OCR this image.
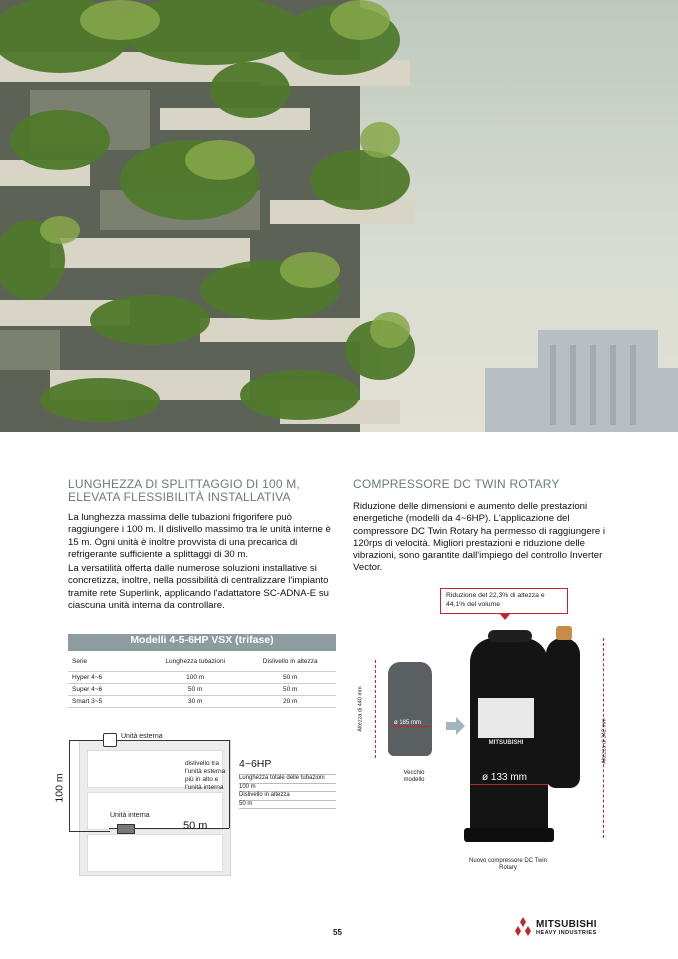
LUNGHEZZA DI SPLITTAGGIO DI 100 M,
ELEVATA FLESSIBILITÀ INSTALLATIVA
La lunghezza massima delle tubazioni frigorifere può raggiungere i 100 m. Il dislivello massimo tra le unità interne è 15 m. Ogni unità è inoltre provvista di una precarica di refrigerante sufficiente a splittaggi di 30 m.
La versatilità offerta dalle numerose soluzioni installative si concretizza, inoltre, nella possibilità di centralizzare l'impianto tramite rete Superlink, applicando l'adattatore SC-ADNA-E su ciascuna unità interna da controllare.
Modelli 4-5-6HP VSX (trifase)
Serie	Lunghezza tubazioni	Dislivello in altezza
Hyper 4~6	100 m	50 m
Super 4~6	50 m	50 m
Smart 3~5	30 m	20 m
Unità esterna
Unità interna
100 m
dislivello tra l'unità esterna più in alto e l'unità interna
50 m
4~6HP
Lunghezza totale delle tubazioni
100 m
Dislivello in altezza
50 m
COMPRESSORE DC TWIN ROTARY
Riduzione delle dimensioni e aumento delle prestazioni energetiche (modelli da 4~6HP). L'applicazione del compressore DC Twin Rotary ha permesso di raggiungere i 120rps di velocità. Migliori prestazioni e riduzione delle vibrazioni, sono garantite dall'impiego del controllo Inverter Vector.
Riduzione del 22,3% di altezza e 44,1% del volume
Altezza di 440 mm	ø 185 mm
Vecchio modello
MITSUBISHI
ø 133 mm
Altezza di 342 mm
Nuovo compressore DC Twin Rotary
55
MITSUBISHI
HEAVY INDUSTRIES
